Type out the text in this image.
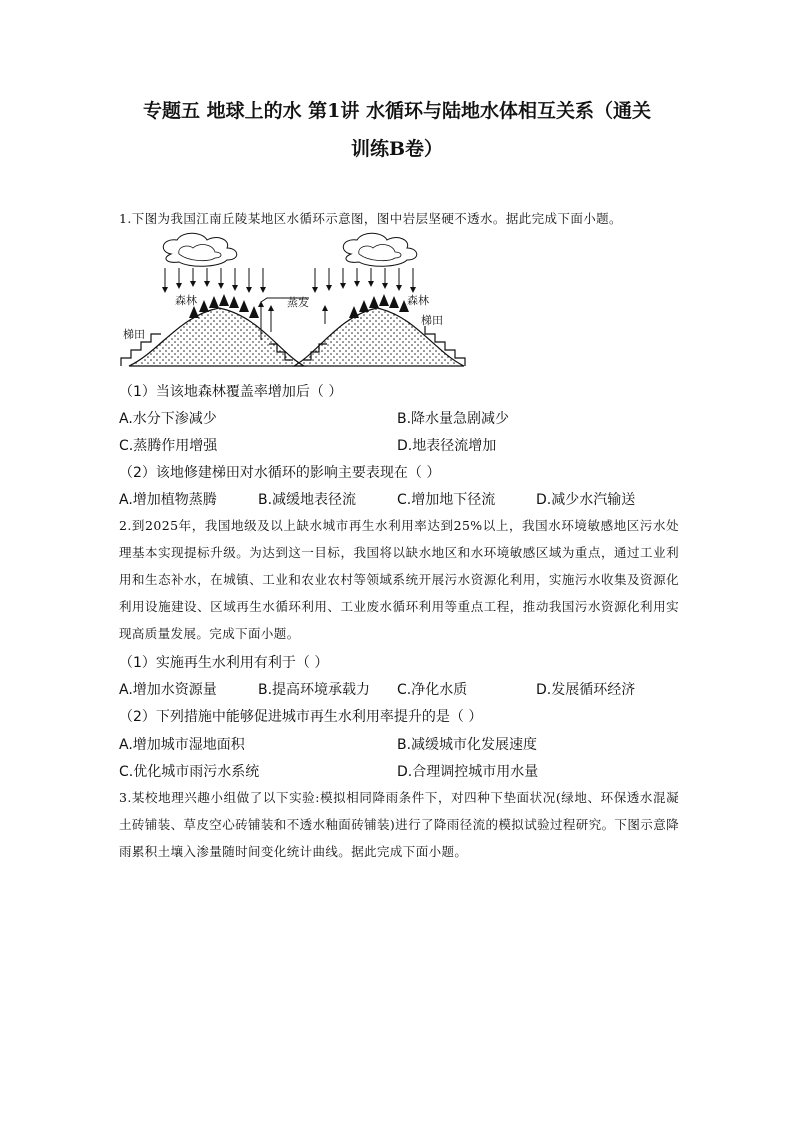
专题五 地球上的水 第1讲 水循环与陆地水体相互关系（通关
训练B卷）
1.下图为我国江南丘陵某地区水循环示意图，图中岩层坚硬不透水。据此完成下面小题。
森林	森林
蒸发
梯田
梯田
（1）当该地森林覆盖率增加后（ ）
A.水分下渗减少	B.降水量急剧减少
C.蒸腾作用增强	D.地表径流增加
（2）该地修建梯田对水循环的影响主要表现在（ ）
A.增加植物蒸腾	B.减缓地表径流	C.增加地下径流	D.减少水汽输送
2.到2025年，我国地级及以上缺水城市再生水利用率达到25%以上，我国水环境敏感地区污水处理基本实现提标升级。为达到这一目标，我国将以缺水地区和水环境敏感区域为重点，通过工业利用和生态补水，在城镇、工业和农业农村等领域系统开展污水资源化利用，实施污水收集及资源化利用设施建设、区域再生水循环利用、工业废水循环利用等重点工程，推动我国污水资源化利用实现高质量发展。完成下面小题。
（1）实施再生水利用有利于（ ）
A.增加水资源量	B.提高环境承载力 C.净化水质	D.发展循环经济
（2）下列措施中能够促进城市再生水利用率提升的是（ ）
A.增加城市湿地面积	B.减缓城市化发展速度
C.优化城市雨污水系统	D.合理调控城市用水量
3.某校地理兴趣小组做了以下实验:模拟相同降雨条件下，对四种下垫面状况(绿地、环保透水混凝土砖铺装、草皮空心砖铺装和不透水釉面砖铺装)进行了降雨径流的模拟试验过程研究。下图示意降雨累积土壤入渗量随时间变化统计曲线。据此完成下面小题。
